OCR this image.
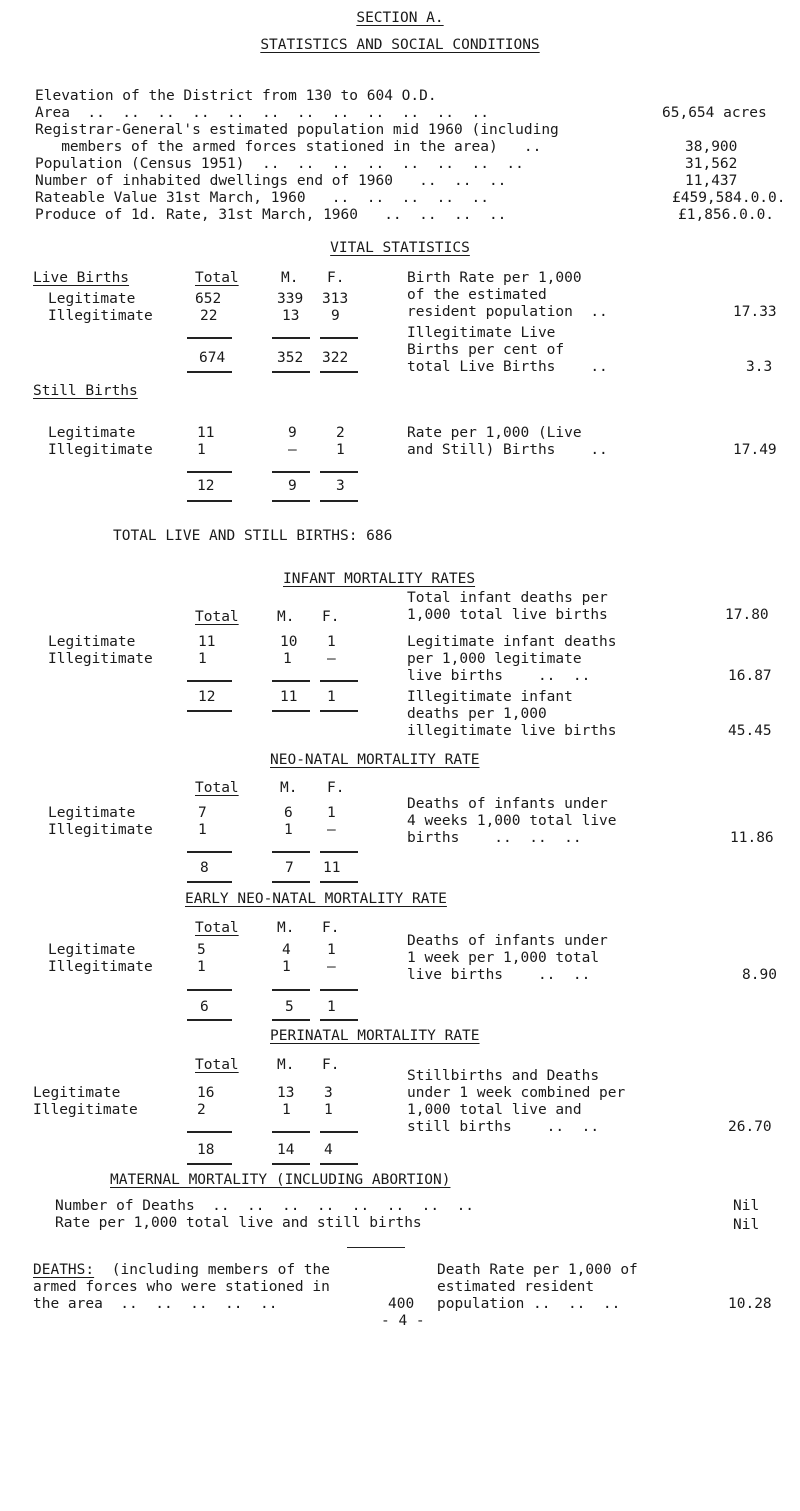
SECTION A.
STATISTICS AND SOCIAL CONDITIONS
Elevation of the District from 130 to 604 O.D.
Area  ..  ..  ..  ..  ..  ..  ..  ..  ..  ..  ..  ..	65,654 acres
Registrar-General's estimated population mid 1960 (including
members of the armed forces stationed in the area)   ..	38,900
Population (Census 1951)  ..  ..  ..  ..  ..  ..  ..  ..	31,562
Number of inhabited dwellings end of 1960   ..  ..  ..	11,437
Rateable Value 31st March, 1960   ..  ..  ..  ..  ..	£459,584.0.0.
Produce of 1d. Rate, 31st March, 1960   ..  ..  ..  ..	£1,856.0.0.
VITAL STATISTICS
Live Births	Total	M. F.
Legitimate	652	339 313
Illegitimate	22	13 9
674	352 322
Still Births
Legitimate	11	9	2
Illegitimate	1	–	1
12	9	3
Birth Rate per 1,000
of the estimated
resident population  ..	17.33
Illegitimate Live
Births per cent of
total Live Births    ..	3.3
Rate per 1,000 (Live
and Still) Births    ..	17.49
TOTAL LIVE AND STILL BIRTHS: 686
INFANT MORTALITY RATES
Total	M. F.
Legitimate	11	10 1
Illegitimate	1	1 –
12	11 1
Total infant deaths per
1,000 total live births	17.80
Legitimate infant deaths
per 1,000 legitimate
live births    ..  ..	16.87
Illegitimate infant
deaths per 1,000
illegitimate live births	45.45
NEO-NATAL MORTALITY RATE
Total	M. F.
Legitimate	7	6 1
Illegitimate	1	1 –
8	7 11
Deaths of infants under
4 weeks 1,000 total live
births    ..  ..  ..	11.86
EARLY NEO-NATAL MORTALITY RATE
Total	M. F.
Legitimate	5	4	1
Illegitimate	1	1	–
6	5 1
Deaths of infants under
1 week per 1,000 total
live births    ..  ..	8.90
PERINATAL MORTALITY RATE
Total	M. F.
Legitimate	16	13 3
Illegitimate	2	1 1
18	14 4
Stillbirths and Deaths
under 1 week combined per
1,000 total live and
still births    ..  ..	26.70
MATERNAL MORTALITY (INCLUDING ABORTION)
Number of Deaths  ..  ..  ..  ..  ..  ..  ..  ..	Nil
Rate per 1,000 total live and still births	Nil
DEATHS:	(including members of the
armed forces who were stationed in
the area  ..  ..  ..  ..  ..	400
Death Rate per 1,000 of
estimated resident
population ..  ..  ..	10.28
- 4 -
